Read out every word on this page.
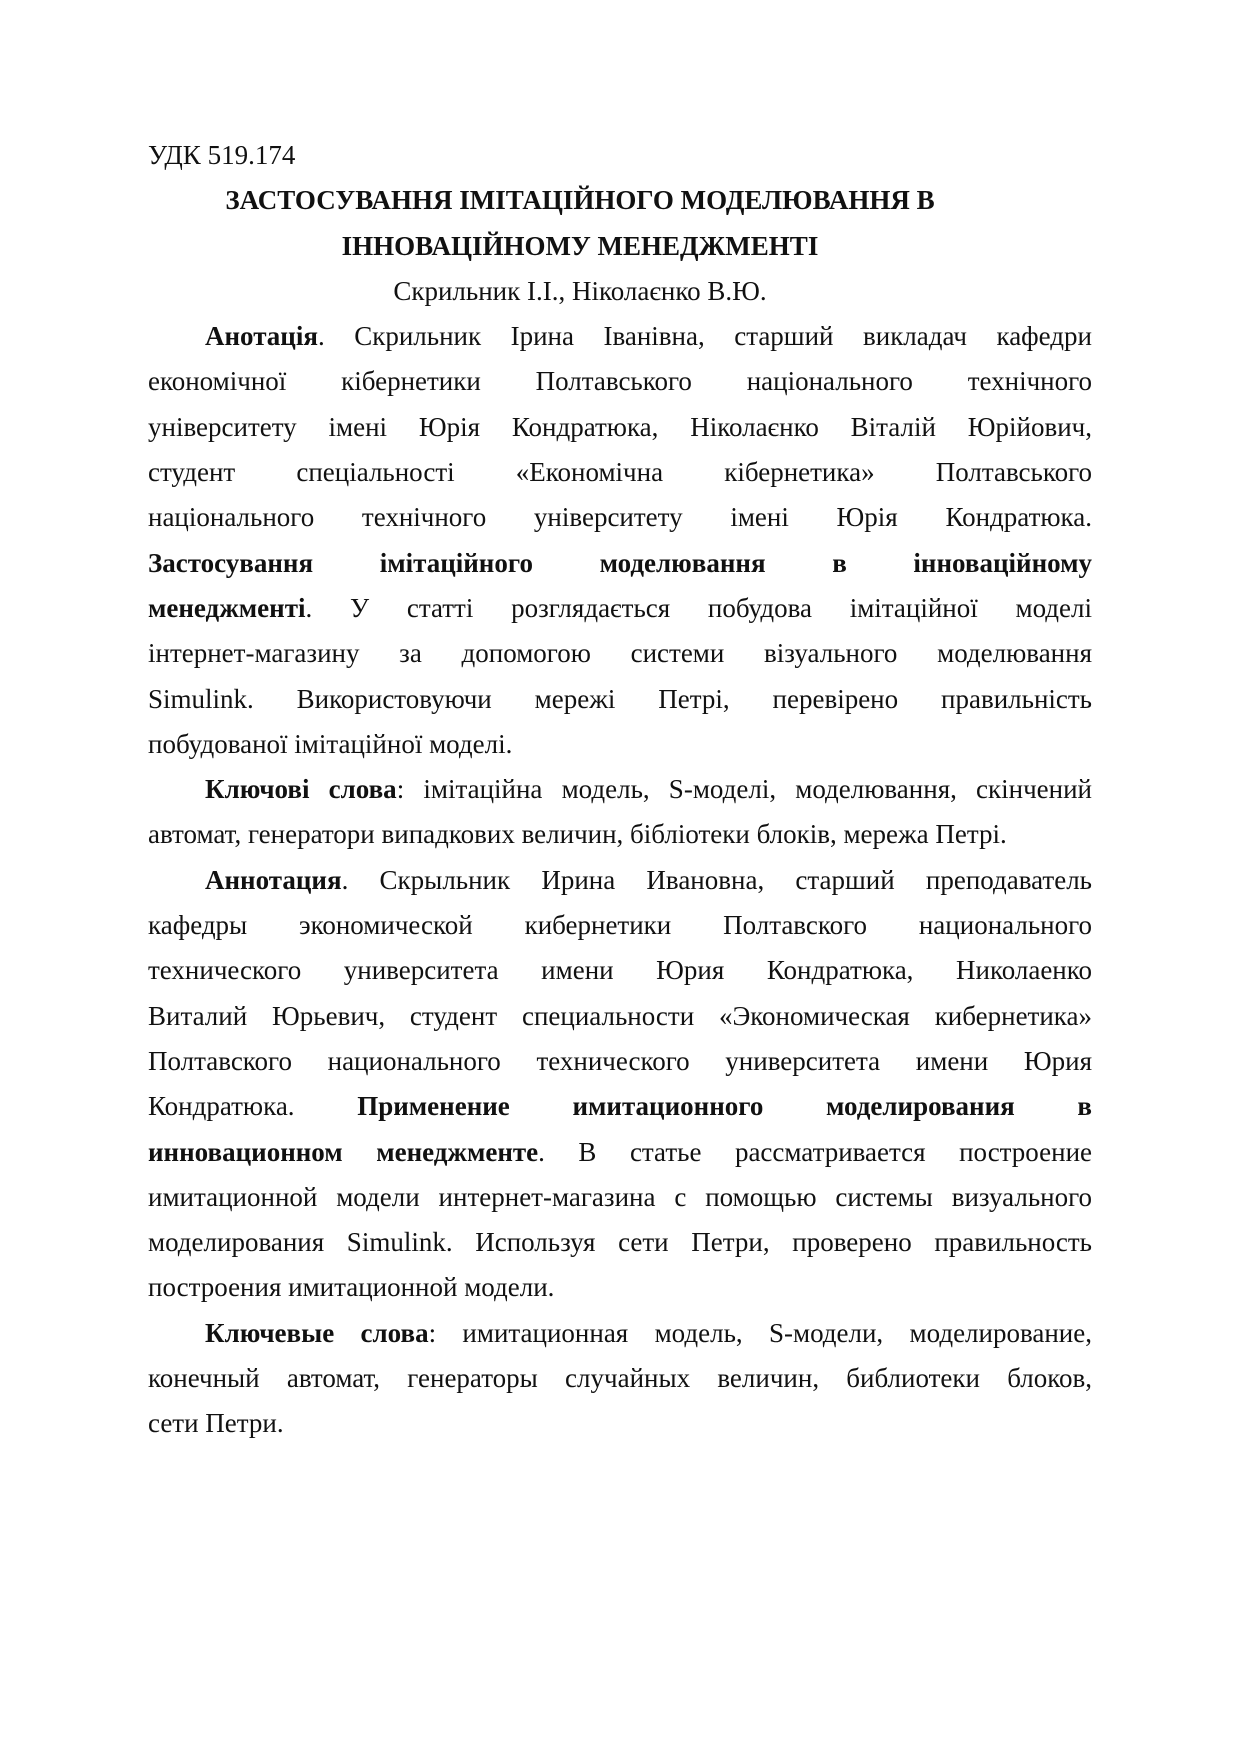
УДК 519.174
ЗАСТОСУВАННЯ ІМІТАЦІЙНОГО МОДЕЛЮВАННЯ В
ІННОВАЦІЙНОМУ МЕНЕДЖМЕНТІ
Скрильник І.І., Ніколаєнко В.Ю.
Анотація. Скрильник Ірина Іванівна, старший викладач кафедри
економічної кібернетики Полтавського національного технічного
університету імені Юрія Кондратюка, Ніколаєнко Віталій Юрійович,
студент спеціальності «Економічна кібернетика» Полтавського
національного технічного університету імені Юрія Кондратюка.
Застосування імітаційного моделювання в інноваційному
менеджменті. У статті розглядається побудова імітаційної моделі
інтернет-магазину за допомогою системи візуального моделювання
Simulink. Використовуючи мережі Петрі, перевірено правильність
побудованої імітаційної моделі.
Ключові слова: імітаційна модель, S-моделі, моделювання, скінчений
автомат, генератори випадкових величин, бібліотеки блоків, мережа Петрі.
Аннотация. Скрыльник Ирина Ивановна, старший преподаватель
кафедры экономической кибернетики Полтавского национального
технического университета имени Юрия Кондратюка, Николаенко
Виталий Юрьевич, студент специальности «Экономическая кибернетика»
Полтавского национального технического университета имени Юрия
Кондратюка. Применение имитационного моделирования в
инновационном менеджменте. В статье рассматривается построение
имитационной модели интернет-магазина с помощью системы визуального
моделирования Simulink. Используя сети Петри, проверено правильность
построения имитационной модели.
Ключевые слова: имитационная модель, S-модели, моделирование,
конечный автомат, генераторы случайных величин, библиотеки блоков,
сети Петри.
